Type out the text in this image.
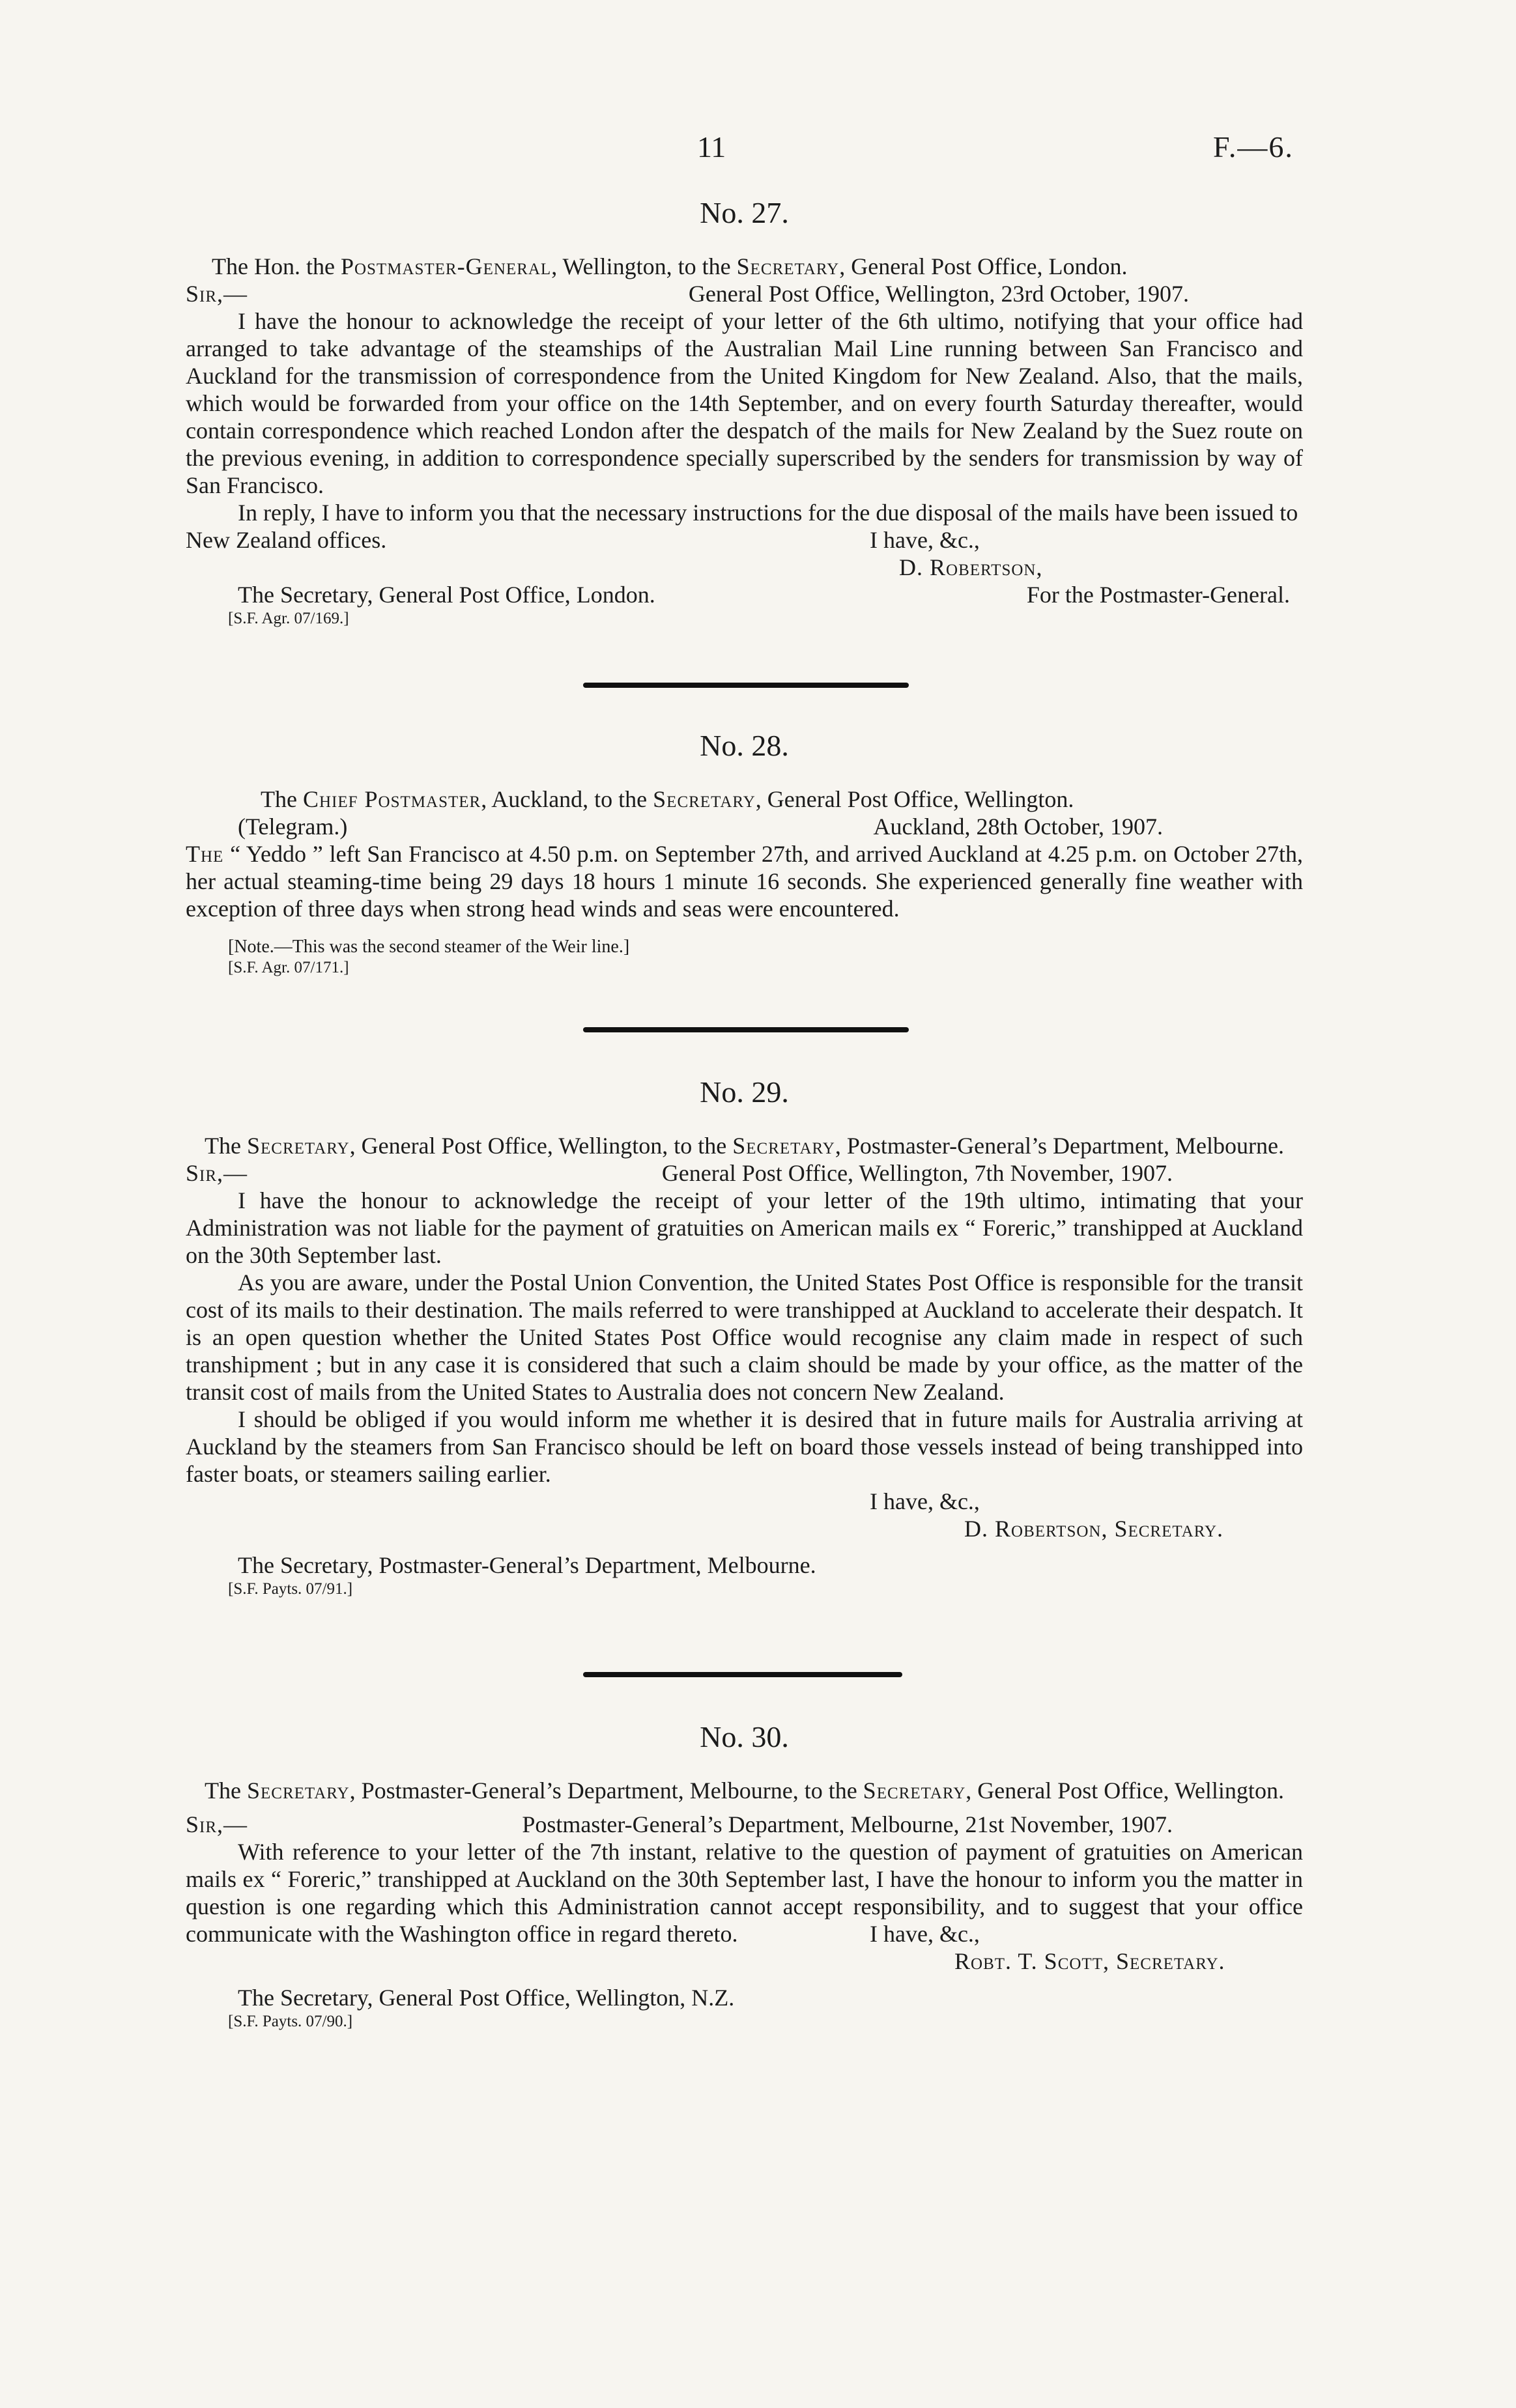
11	F.—6.
No. 27.
The Hon. the Postmaster-General, Wellington, to the Secretary, General Post Office, London.
Sir,—	General Post Office, Wellington, 23rd October, 1907.
I have the honour to acknowledge the receipt of your letter of the 6th ultimo, notifying that your office had arranged to take advantage of the steamships of the Australian Mail Line running between San Francisco and Auckland for the transmission of correspondence from the United Kingdom for New Zealand. Also, that the mails, which would be forwarded from your office on the 14th September, and on every fourth Saturday thereafter, would contain correspondence which reached London after the despatch of the mails for New Zealand by the Suez route on the previous evening, in addition to correspondence specially superscribed by the senders for transmission by way of San Francisco.
In reply, I have to inform you that the necessary instructions for the due disposal of the mails have been issued to New Zealand offices.	I have, &c.,
D. Robertson,
The Secretary, General Post Office, London.	For the Postmaster-General.
[S.F. Agr. 07/169.]
No. 28.
The Chief Postmaster, Auckland, to the Secretary, General Post Office, Wellington.
(Telegram.)	Auckland, 28th October, 1907.
The “ Yeddo ” left San Francisco at 4.50 p.m. on September 27th, and arrived Auckland at 4.25 p.m. on October 27th, her actual steaming-time being 29 days 18 hours 1 minute 16 seconds. She experienced generally fine weather with exception of three days when strong head winds and seas were encountered.
[Note.—This was the second steamer of the Weir line.]
[S.F. Agr. 07/171.]
No. 29.
The Secretary, General Post Office, Wellington, to the Secretary, Postmaster-General’s Department, Melbourne.
Sir,—	General Post Office, Wellington, 7th November, 1907.
I have the honour to acknowledge the receipt of your letter of the 19th ultimo, intimating that your Administration was not liable for the payment of gratuities on American mails ex “ Foreric,” transhipped at Auckland on the 30th September last.
As you are aware, under the Postal Union Convention, the United States Post Office is responsible for the transit cost of its mails to their destination. The mails referred to were transhipped at Auckland to accelerate their despatch. It is an open question whether the United States Post Office would recognise any claim made in respect of such transhipment ; but in any case it is considered that such a claim should be made by your office, as the matter of the transit cost of mails from the United States to Australia does not concern New Zealand.
I should be obliged if you would inform me whether it is desired that in future mails for Australia arriving at Auckland by the steamers from San Francisco should be left on board those vessels instead of being transhipped into faster boats, or steamers sailing earlier.
I have, &c.,
D. Robertson, Secretary.
The Secretary, Postmaster-General’s Department, Melbourne.
[S.F. Payts. 07/91.]
No. 30.
The Secretary, Postmaster-General’s Department, Melbourne, to the Secretary, General Post Office, Wellington.
Sir,—	Postmaster-General’s Department, Melbourne, 21st November, 1907.
With reference to your letter of the 7th instant, relative to the question of payment of gratuities on American mails ex “ Foreric,” transhipped at Auckland on the 30th September last, I have the honour to inform you the matter in question is one regarding which this Administration cannot accept responsibility, and to suggest that your office communicate with the Washington office in regard thereto.	I have, &c.,
Robt. T. Scott, Secretary.
The Secretary, General Post Office, Wellington, N.Z.
[S.F. Payts. 07/90.]
